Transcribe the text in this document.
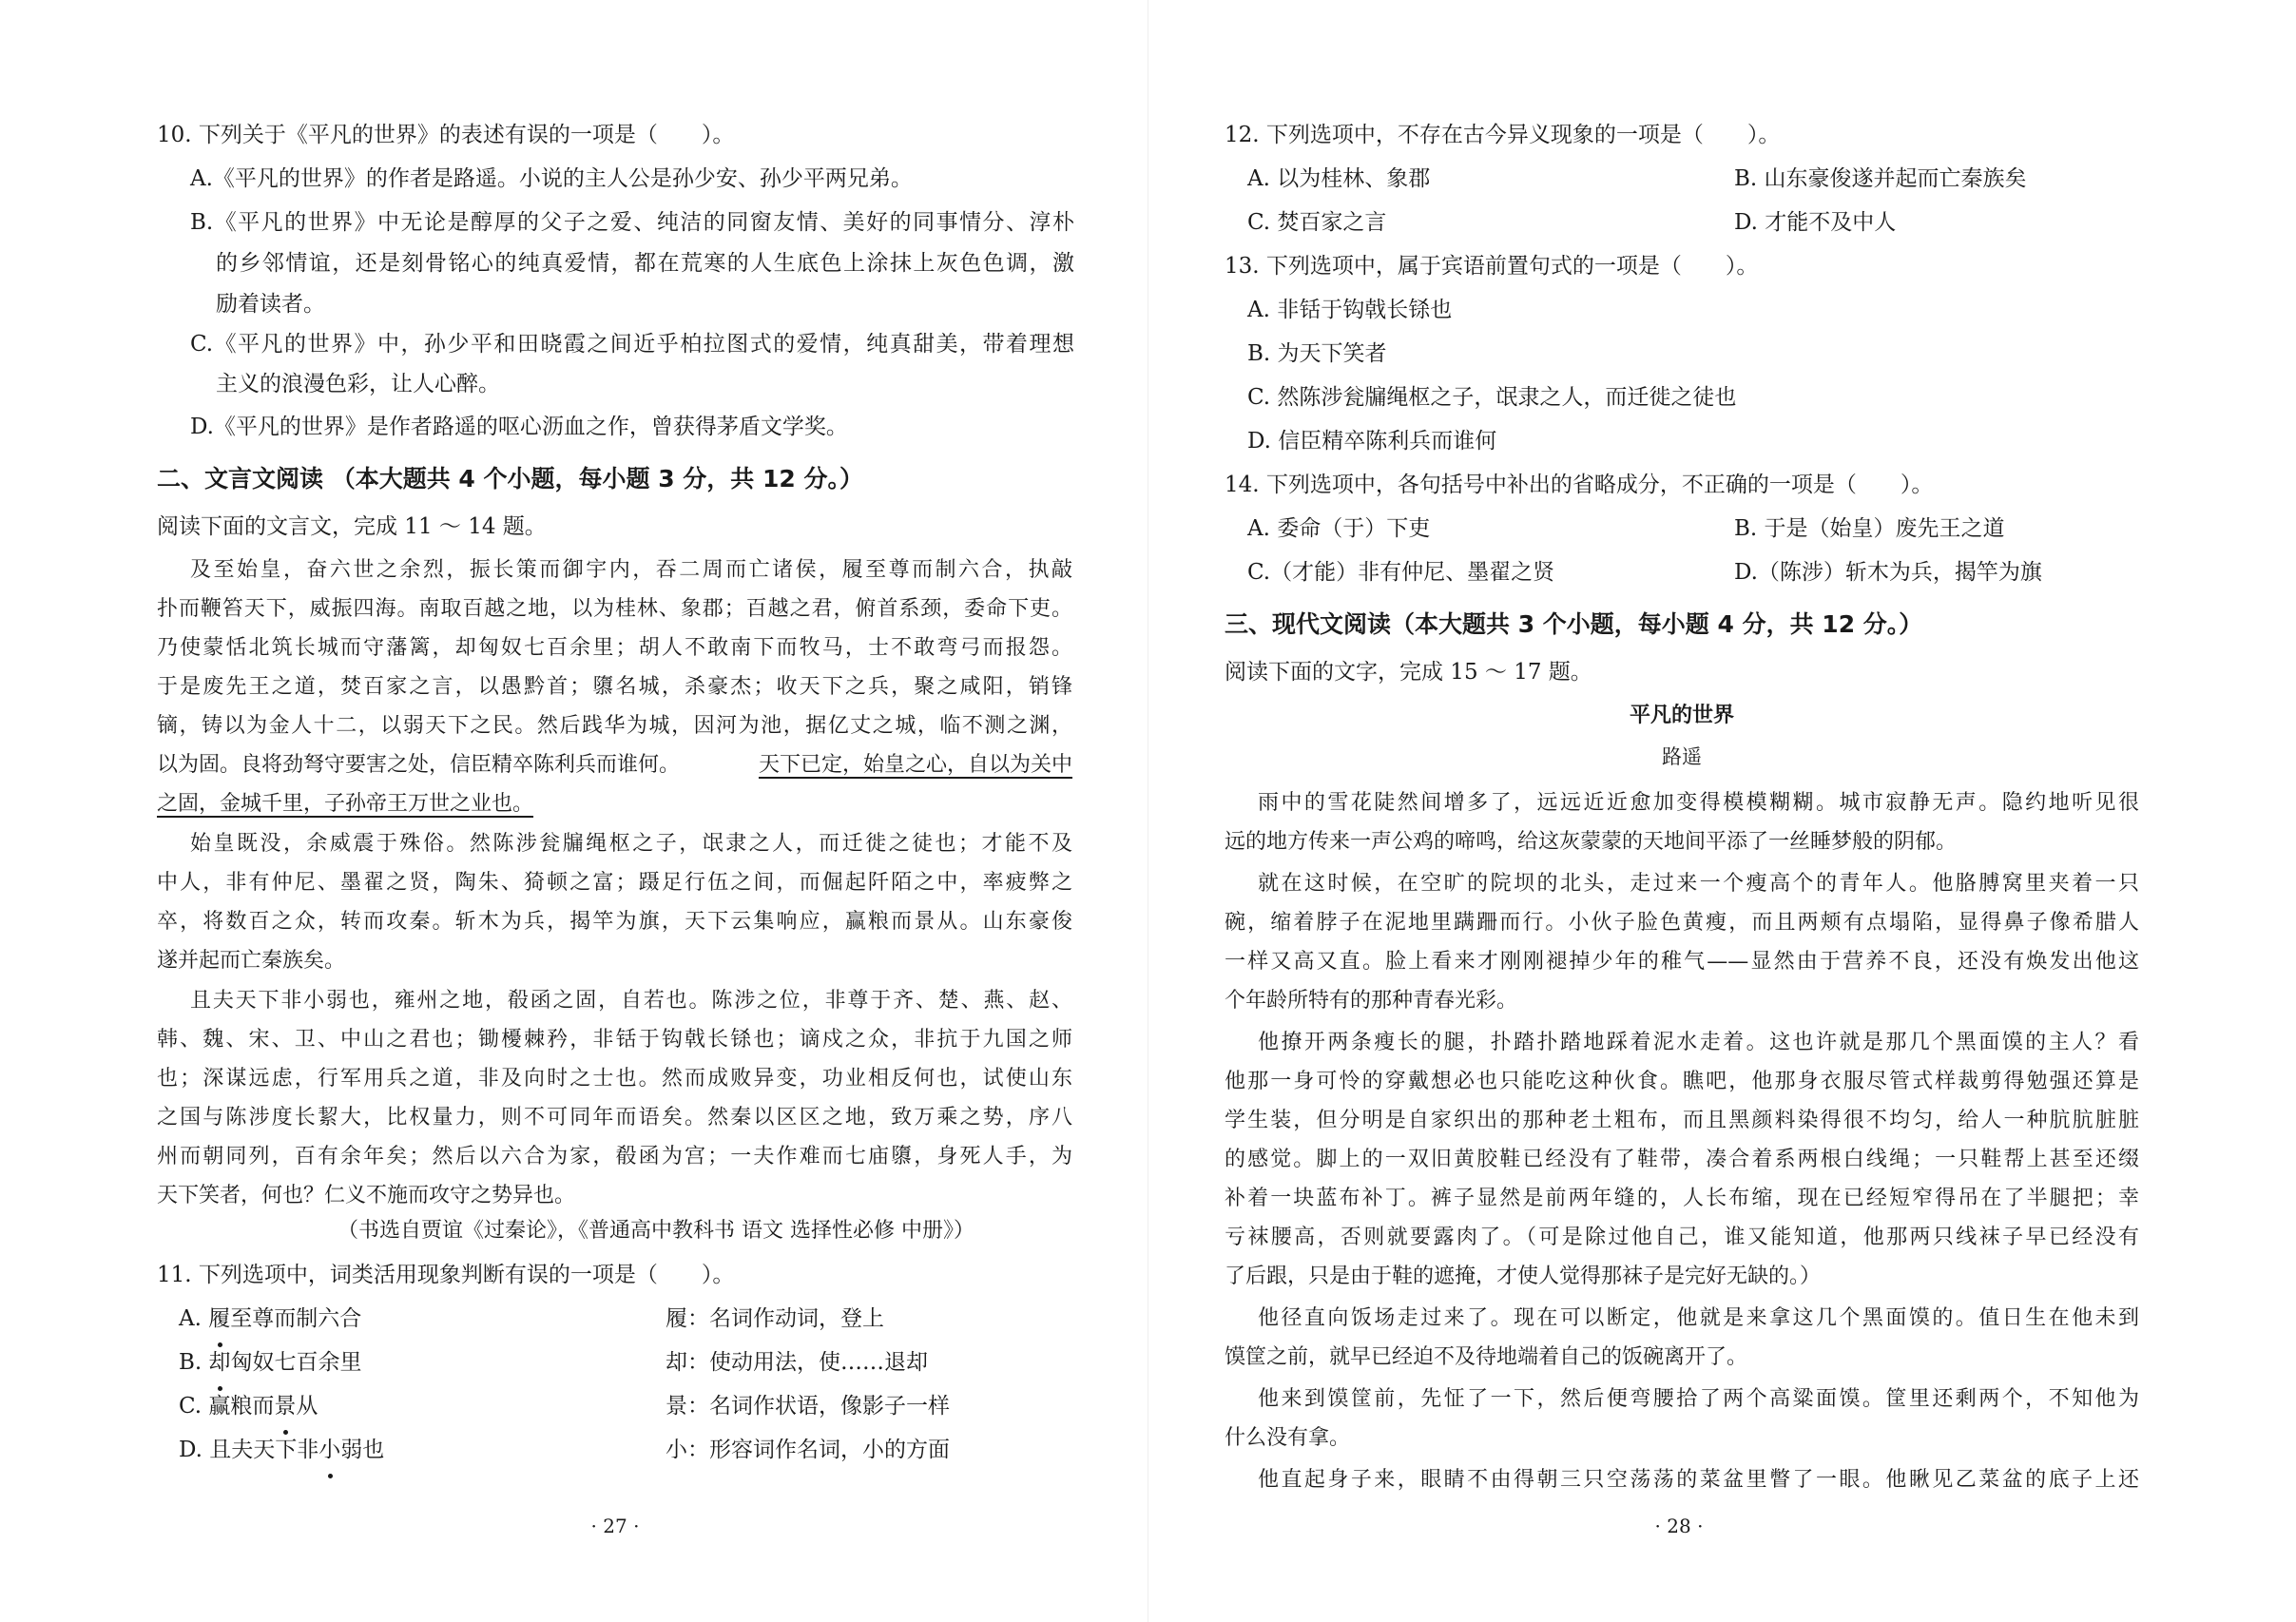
10. 下列关于《平凡的世界》的表述有误的一项是（　　）。
A.《平凡的世界》的作者是路遥。小说的主人公是孙少安、孙少平两兄弟。
B.《平凡的世界》中无论是醇厚的父子之爱、纯洁的同窗友情、美好的同事情分、淳朴
的乡邻情谊，还是刻骨铭心的纯真爱情，都在荒寒的人生底色上涂抹上灰色色调，激
励着读者。
C.《平凡的世界》中，孙少平和田晓霞之间近乎柏拉图式的爱情，纯真甜美，带着理想
主义的浪漫色彩，让人心醉。
D.《平凡的世界》是作者路遥的呕心沥血之作，曾获得茅盾文学奖。
二、文言文阅读 （本大题共 4 个小题，每小题 3 分，共 12 分。）
阅读下面的文言文，完成 11 ～ 14 题。
及至始皇，奋六世之余烈，振长策而御宇内，吞二周而亡诸侯，履至尊而制六合，执敲
扑而鞭笞天下，威振四海。南取百越之地，以为桂林、象郡；百越之君，俯首系颈，委命下吏。
乃使蒙恬北筑长城而守藩篱，却匈奴七百余里；胡人不敢南下而牧马，士不敢弯弓而报怨。
于是废先王之道，焚百家之言，以愚黔首；隳名城，杀豪杰；收天下之兵，聚之咸阳，销锋
镝，铸以为金人十二，以弱天下之民。然后践华为城，因河为池，据亿丈之城，临不测之渊，
以为固。良将劲弩守要害之处，信臣精卒陈利兵而谁何。	天下已定，始皇之心，自以为关中
之固，金城千里，子孙帝王万世之业也。
始皇既没，余威震于殊俗。然陈涉瓮牖绳枢之子，氓隶之人，而迁徙之徒也；才能不及
中人，非有仲尼、墨翟之贤，陶朱、猗顿之富；蹑足行伍之间，而倔起阡陌之中，率疲弊之
卒，将数百之众，转而攻秦。斩木为兵，揭竿为旗，天下云集响应，赢粮而景从。山东豪俊
遂并起而亡秦族矣。
且夫天下非小弱也，雍州之地，殽函之固，自若也。陈涉之位，非尊于齐、楚、燕、赵、
韩、魏、宋、卫、中山之君也；锄櫌棘矜，非铦于钩戟长铩也；谪戍之众，非抗于九国之师
也；深谋远虑，行军用兵之道，非及向时之士也。然而成败异变，功业相反何也，试使山东
之国与陈涉度长絜大，比权量力，则不可同年而语矣。然秦以区区之地，致万乘之势，序八
州而朝同列，百有余年矣；然后以六合为家，殽函为宫；一夫作难而七庙隳，身死人手，为
天下笑者，何也？仁义不施而攻守之势异也。
（书选自贾谊《过秦论》，《普通高中教科书 语文 选择性必修 中册》）
11. 下列选项中，词类活用现象判断有误的一项是（　　）。
A. 履至尊而制六合	履：名词作动词，登上
B. 却匈奴七百余里	却：使动用法，使……退却
C. 赢粮而景从	景：名词作状语，像影子一样
D. 且夫天下非小弱也	小：形容词作名词，小的方面
· 27 ·
12. 下列选项中，不存在古今异义现象的一项是（　　）。
A. 以为桂林、象郡	B. 山东豪俊遂并起而亡秦族矣
C. 焚百家之言	D. 才能不及中人
13. 下列选项中，属于宾语前置句式的一项是（　　）。
A. 非铦于钩戟长铩也
B. 为天下笑者
C. 然陈涉瓮牖绳枢之子，氓隶之人，而迁徙之徒也
D. 信臣精卒陈利兵而谁何
14. 下列选项中，各句括号中补出的省略成分，不正确的一项是（　　）。
A. 委命（于）下吏	B. 于是（始皇）废先王之道
C.（才能）非有仲尼、墨翟之贤	D.（陈涉）斩木为兵，揭竿为旗
三、现代文阅读（本大题共 3 个小题，每小题 4 分，共 12 分。）
阅读下面的文字，完成 15 ～ 17 题。
平凡的世界
路遥
雨中的雪花陡然间增多了，远远近近愈加变得模模糊糊。城市寂静无声。隐约地听见很
远的地方传来一声公鸡的啼鸣，给这灰蒙蒙的天地间平添了一丝睡梦般的阴郁。
就在这时候，在空旷的院坝的北头，走过来一个瘦高个的青年人。他胳膊窝里夹着一只
碗，缩着脖子在泥地里蹒跚而行。小伙子脸色黄瘦，而且两颊有点塌陷，显得鼻子像希腊人
一样又高又直。脸上看来才刚刚褪掉少年的稚气——显然由于营养不良，还没有焕发出他这
个年龄所特有的那种青春光彩。
他撩开两条瘦长的腿，扑踏扑踏地踩着泥水走着。这也许就是那几个黑面馍的主人？看
他那一身可怜的穿戴想必也只能吃这种伙食。瞧吧，他那身衣服尽管式样裁剪得勉强还算是
学生装，但分明是自家织出的那种老土粗布，而且黑颜料染得很不均匀，给人一种肮肮脏脏
的感觉。脚上的一双旧黄胶鞋已经没有了鞋带，凑合着系两根白线绳；一只鞋帮上甚至还缀
补着一块蓝布补丁。裤子显然是前两年缝的，人长布缩，现在已经短窄得吊在了半腿把；幸
亏袜腰高，否则就要露肉了。（可是除过他自己，谁又能知道，他那两只线袜子早已经没有
了后跟，只是由于鞋的遮掩，才使人觉得那袜子是完好无缺的。）
他径直向饭场走过来了。现在可以断定，他就是来拿这几个黑面馍的。值日生在他未到
馍筐之前，就早已经迫不及待地端着自己的饭碗离开了。
他来到馍筐前，先怔了一下，然后便弯腰拾了两个高粱面馍。筐里还剩两个，不知他为
什么没有拿。
他直起身子来，眼睛不由得朝三只空荡荡的菜盆里瞥了一眼。他瞅见乙菜盆的底子上还
· 28 ·
